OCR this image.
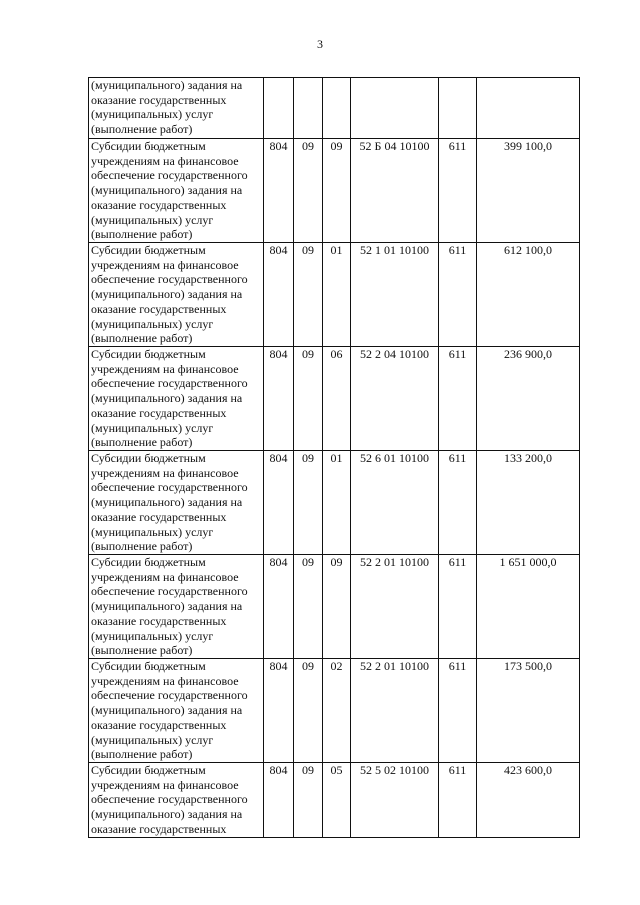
3
(муниципального) задания на оказание государственных (муниципальных) услуг (выполнение работ)						
Субсидии бюджетным учреждениям на финансовое обеспечение государственного (муниципального) задания на оказание государственных (муниципальных) услуг (выполнение работ)	804	09	09	52 Б 04 10100	611	399 100,0
Субсидии бюджетным учреждениям на финансовое обеспечение государственного (муниципального) задания на оказание государственных (муниципальных) услуг (выполнение работ)	804	09	01	52 1 01 10100	611	612 100,0
Субсидии бюджетным учреждениям на финансовое обеспечение государственного (муниципального) задания на оказание государственных (муниципальных) услуг (выполнение работ)	804	09	06	52 2 04 10100	611	236 900,0
Субсидии бюджетным учреждениям на финансовое обеспечение государственного (муниципального) задания на оказание государственных (муниципальных) услуг (выполнение работ)	804	09	01	52 6 01 10100	611	133 200,0
Субсидии бюджетным учреждениям на финансовое обеспечение государственного (муниципального) задания на оказание государственных (муниципальных) услуг (выполнение работ)	804	09	09	52 2 01 10100	611	1 651 000,0
Субсидии бюджетным учреждениям на финансовое обеспечение государственного (муниципального) задания на оказание государственных (муниципальных) услуг (выполнение работ)	804	09	02	52 2 01 10100	611	173 500,0
Субсидии бюджетным учреждениям на финансовое обеспечение государственного (муниципального) задания на оказание государственных	804	09	05	52 5 02 10100	611	423 600,0
